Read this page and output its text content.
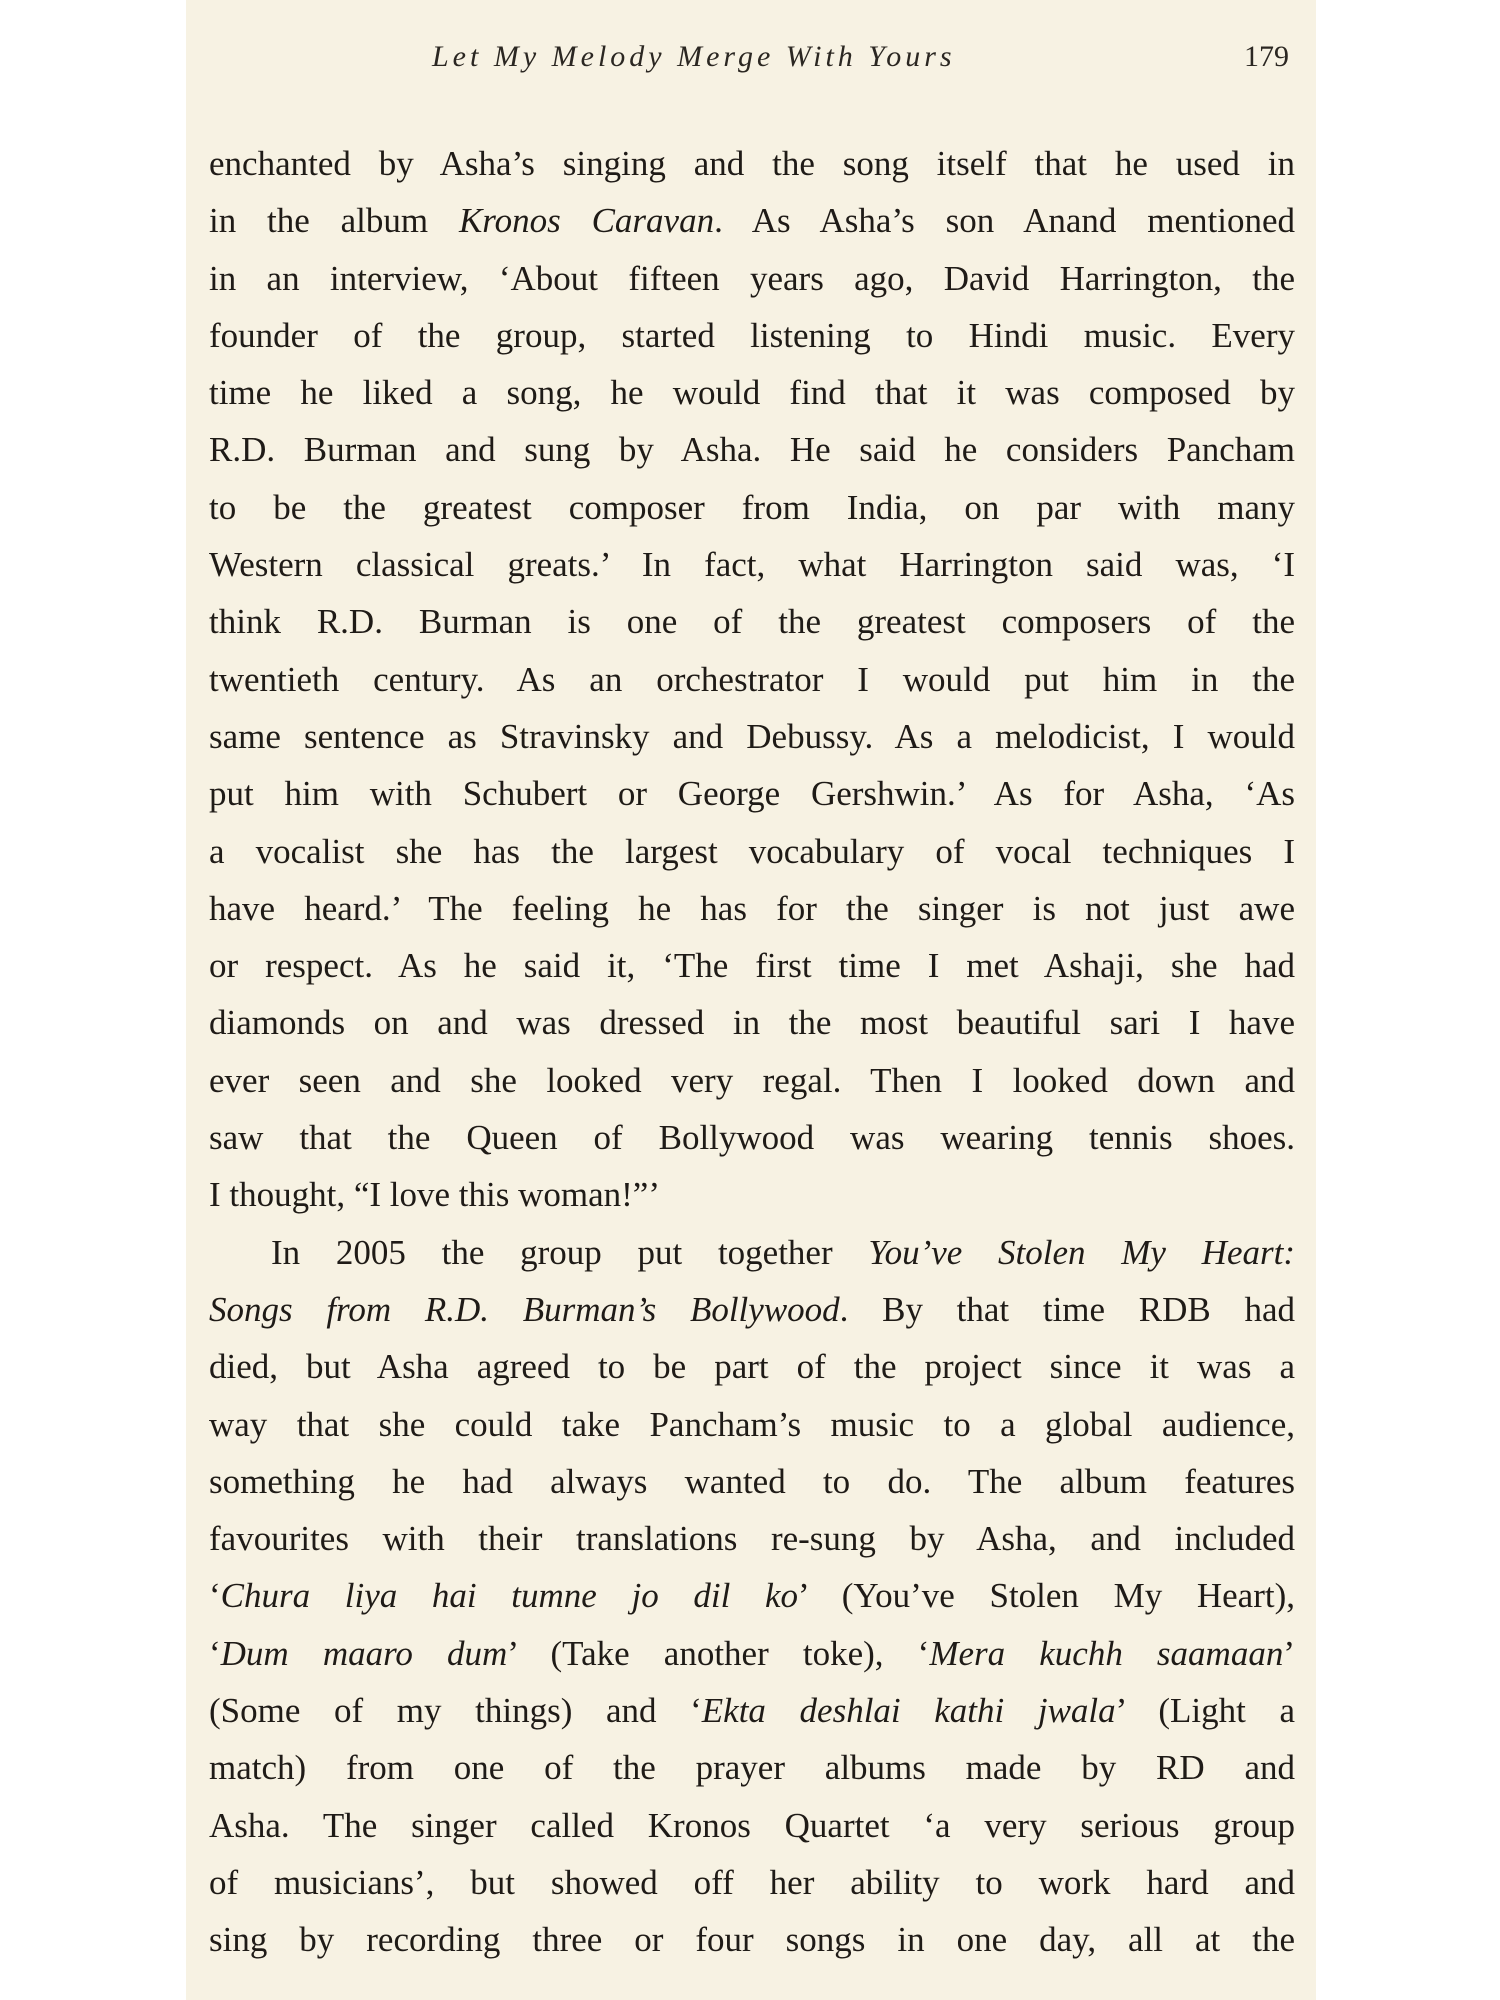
Let My Melody Merge With Yours	179
enchanted by Asha’s singing and the song itself that he used in
in the album Kronos Caravan. As Asha’s son Anand mentioned
in an interview, ‘About fifteen years ago, David Harrington, the
founder of the group, started listening to Hindi music. Every
time he liked a song, he would find that it was composed by
R.D. Burman and sung by Asha. He said he considers Pancham
to be the greatest composer from India, on par with many
Western classical greats.’ In fact, what Harrington said was, ‘I
think R.D. Burman is one of the greatest composers of the
twentieth century. As an orchestrator I would put him in the
same sentence as Stravinsky and Debussy. As a melodicist, I would
put him with Schubert or George Gershwin.’ As for Asha, ‘As
a vocalist she has the largest vocabulary of vocal techniques I
have heard.’ The feeling he has for the singer is not just awe
or respect. As he said it, ‘The first time I met Ashaji, she had
diamonds on and was dressed in the most beautiful sari I have
ever seen and she looked very regal. Then I looked down and
saw that the Queen of Bollywood was wearing tennis shoes.
I thought, “I love this woman!”’
In 2005 the group put together You’ve Stolen My Heart:
Songs from R.D. Burman’s Bollywood. By that time RDB had
died, but Asha agreed to be part of the project since it was a
way that she could take Pancham’s music to a global audience,
something he had always wanted to do. The album features
favourites with their translations re-sung by Asha, and included
‘Chura liya hai tumne jo dil ko’ (You’ve Stolen My Heart),
‘Dum maaro dum’ (Take another toke), ‘Mera kuchh saamaan’
(Some of my things) and ‘Ekta deshlai kathi jwala’ (Light a
match) from one of the prayer albums made by RD and
Asha. The singer called Kronos Quartet ‘a very serious group
of musicians’, but showed off her ability to work hard and
sing by recording three or four songs in one day, all at the
